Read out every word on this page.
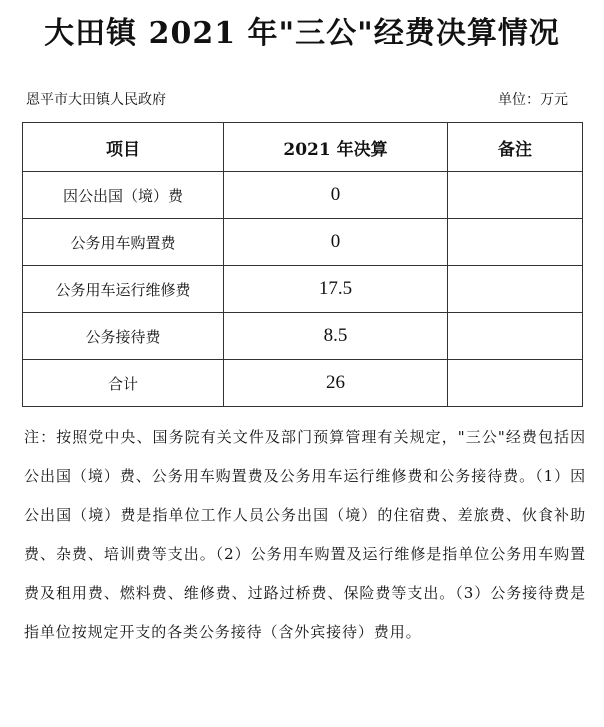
大田镇 2021 年"三公"经费决算情况
恩平市大田镇人民政府	单位：万元
项目	2021 年决算	备注
因公出国（境）费	0	
公务用车购置费	0	
公务用车运行维修费	17.5	
公务接待费	8.5	
合计	26	
注：按照党中央、国务院有关文件及部门预算管理有关规定，"三公"经费包括因公出国（境）费、公务用车购置费及公务用车运行维修费和公务接待费。（1）因公出国（境）费是指单位工作人员公务出国（境）的住宿费、差旅费、伙食补助费、杂费、培训费等支出。（2）公务用车购置及运行维修是指单位公务用车购置费及租用费、燃料费、维修费、过路过桥费、保险费等支出。（3）公务接待费是指单位按规定开支的各类公务接待（含外宾接待）费用。
